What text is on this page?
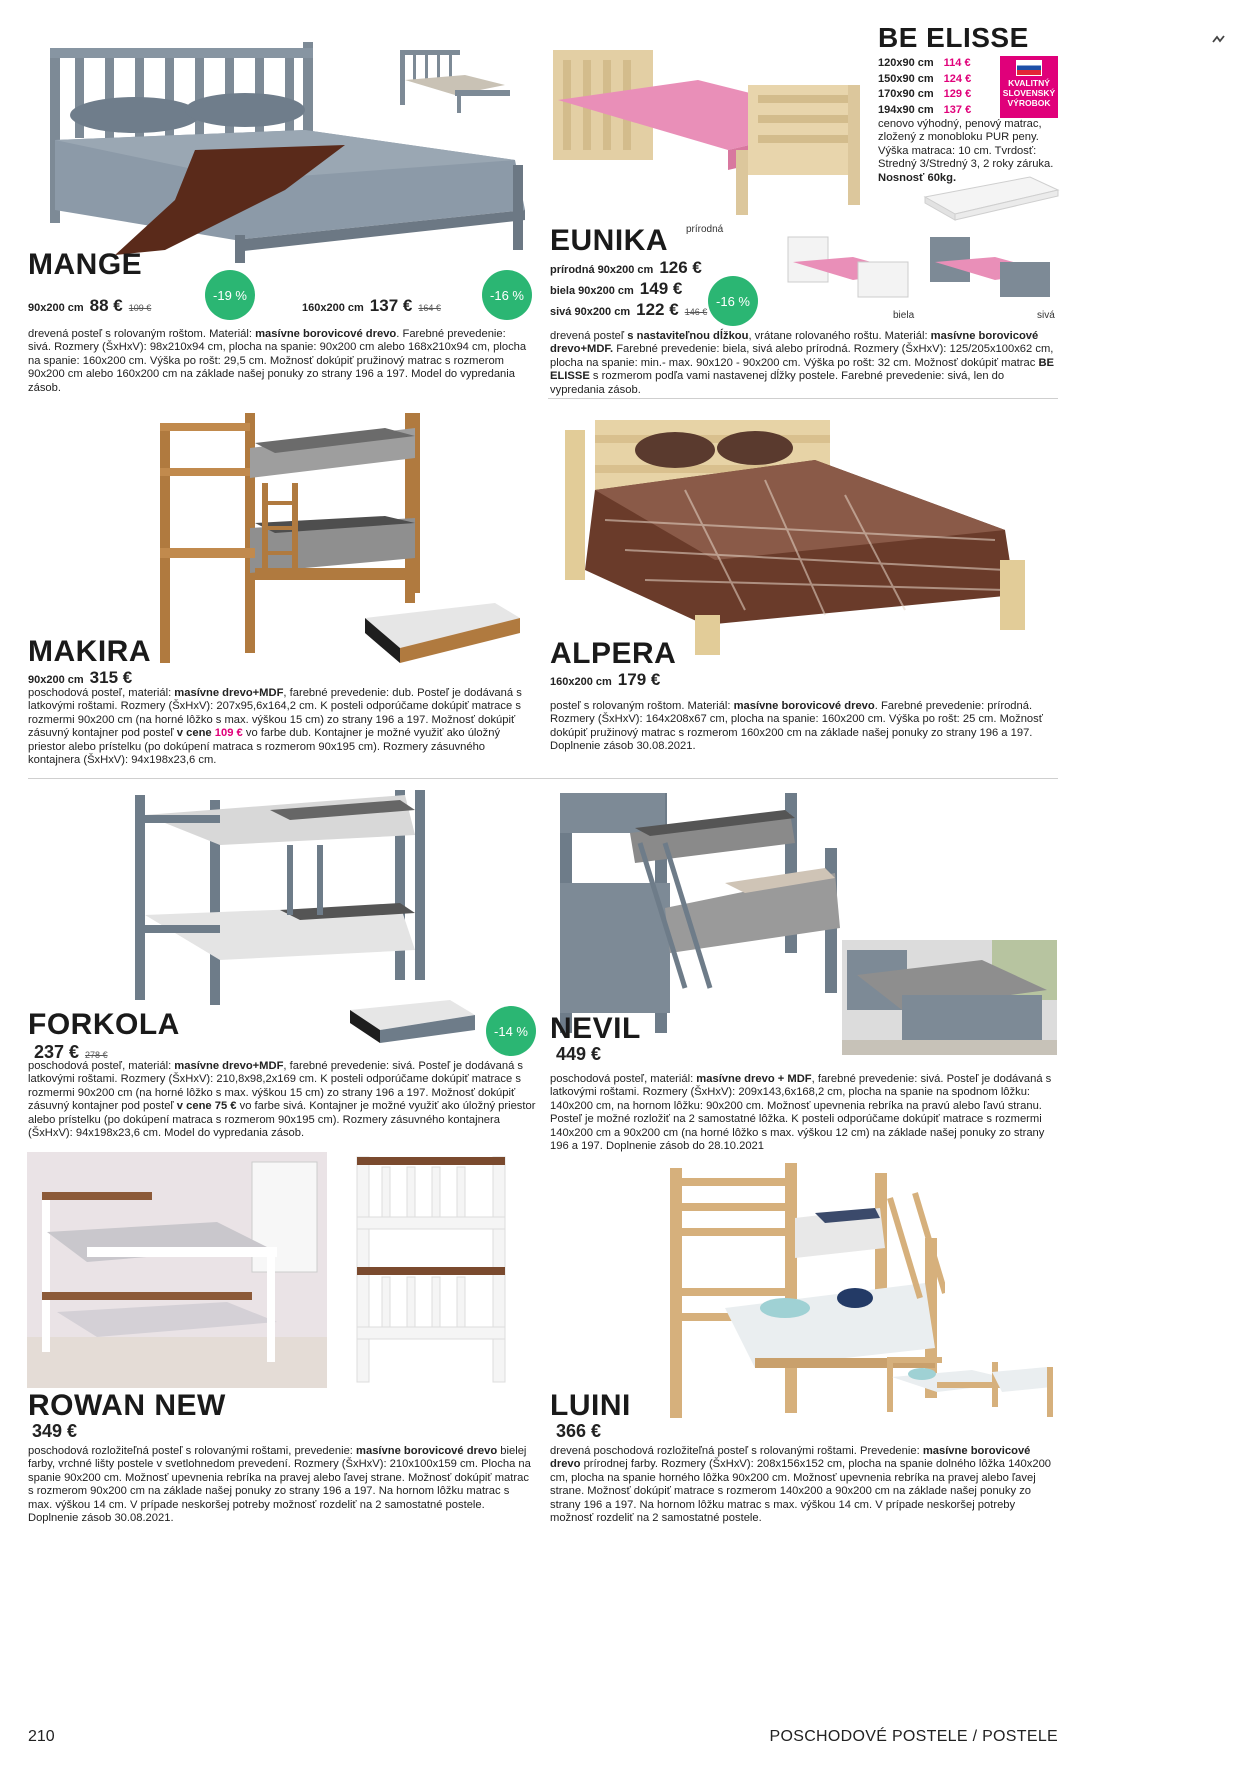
MANGE
-19 %	-16 %
90x200 cm 88 € 109 €	160x200 cm 137 € 164 €
drevená posteľ s rolovaným roštom. Materiál: masívne borovicové drevo. Farebné prevedenie: sivá. Rozmery (ŠxHxV): 98x210x94 cm, plocha na spanie: 90x200 cm alebo 168x210x94 cm, plocha na spanie: 160x200 cm. Výška po rošt: 29,5 cm. Možnosť dokúpiť pružinový matrac s rozmerom 90x200 cm alebo 160x200 cm na základe našej ponuky zo strany 196 a 197. Model do vypredania zásob.
BE ELISSE
120x90 cm 114 €
150x90 cm 124 €
170x90 cm 129 €
194x90 cm 137 €
KVALITNÝ
SLOVENSKÝ
VÝROBOK
cenovo výhodný, penový matrac, zložený z monobloku PUR peny. Výška matraca: 10 cm. Tvrdosť: Stredný 3/Stredný 3, 2 roky záruka. Nosnosť 60kg.
prírodná
EUNIKA
biela	sivá
prírodná 90x200 cm 126 €
biela 90x200 cm 149 €
sivá 90x200 cm 122 € 146 €
-16 %
drevená posteľ s nastaviteľnou dĺžkou, vrátane rolovaného roštu. Materiál: masívne borovicové drevo+MDF. Farebné prevedenie: biela, sivá alebo prírodná. Rozmery (ŠxHxV): 125/205x100x62 cm, plocha na spanie: min.- max. 90x120 - 90x200 cm. Výška po rošt: 32 cm. Možnosť dokúpiť matrac BE ELISSE s rozmerom podľa vami nastavenej dĺžky postele. Farebné prevedenie: sivá, len do vypredania zásob.
MAKIRA
90x200 cm 315 €
poschodová posteľ, materiál: masívne drevo+MDF, farebné prevedenie: dub. Posteľ je dodávaná s latkovými roštami. Rozmery (ŠxHxV): 207x95,6x164,2 cm. K posteli odporúčame dokúpiť matrace s rozmermi 90x200 cm (na horné lôžko s max. výškou 15 cm) zo strany 196 a 197. Možnosť dokúpiť zásuvný kontajner pod posteľ v cene 109 € vo farbe dub. Kontajner je možné využiť ako úložný priestor alebo prístelku (po dokúpení matraca s rozmerom 90x195 cm). Rozmery zásuvného kontajnera (ŠxHxV): 94x198x23,6 cm.
ALPERA
160x200 cm 179 €
posteľ s rolovaným roštom. Materiál: masívne borovicové drevo. Farebné prevedenie: prírodná. Rozmery (ŠxHxV): 164x208x67 cm, plocha na spanie: 160x200 cm. Výška po rošt: 25 cm. Možnosť dokúpiť pružinový matrac s rozmerom 160x200 cm na základe našej ponuky zo strany 196 a 197. Doplnenie zásob 30.08.2021.
FORKOLA	-14 %
237 € 278 €
poschodová posteľ, materiál: masívne drevo+MDF, farebné prevedenie: sivá. Posteľ je dodávaná s latkovými roštami. Rozmery (ŠxHxV): 210,8x98,2x169 cm. K posteli odporúčame dokúpiť matrace s rozmermi 90x200 cm (na horné lôžko s max. výškou 15 cm) zo strany 196 a 197. Možnosť dokúpiť zásuvný kontajner pod posteľ v cene 75 € vo farbe sivá. Kontajner je možné využiť ako úložný priestor alebo prístelku (po dokúpení matraca s rozmerom 90x195 cm). Rozmery zásuvného kontajnera (ŠxHxV): 94x198x23,6 cm. Model do vypredania zásob.
NEVIL
449 €
poschodová posteľ, materiál: masívne drevo + MDF, farebné prevedenie: sivá. Posteľ je dodávaná s latkovými roštami. Rozmery (ŠxHxV): 209x143,6x168,2 cm, plocha na spanie na spodnom lôžku: 140x200 cm, na hornom lôžku: 90x200 cm. Možnosť upevnenia rebríka na pravú alebo ľavú stranu. Posteľ je možné rozložiť na 2 samostatné lôžka. K posteli odporúčame dokúpiť matrace s rozmermi 140x200 cm a 90x200 cm (na horné lôžko s max. výškou 12 cm) na základe našej ponuky zo strany 196 a 197. Doplnenie zásob do 28.10.2021
ROWAN NEW
349 €
poschodová rozložiteľná posteľ s rolovanými roštami, prevedenie: masívne borovicové drevo bielej farby, vrchné lišty postele v svetlohnedom prevedení. Rozmery (ŠxHxV): 210x100x159 cm. Plocha na spanie 90x200 cm. Možnosť upevnenia rebríka na pravej alebo ľavej strane. Možnosť dokúpiť matrac s rozmerom 90x200 cm na základe našej ponuky zo strany 196 a 197. Na hornom lôžku matrac s max. výškou 14 cm. V prípade neskoršej potreby možnosť rozdeliť na 2 samostatné postele. Doplnenie zásob 30.08.2021.
LUINI
366 €
drevená poschodová rozložiteľná posteľ s rolovanými roštami. Prevedenie: masívne borovicové drevo prírodnej farby. Rozmery (ŠxHxV): 208x156x152 cm, plocha na spanie dolného lôžka 140x200 cm, plocha na spanie horného lôžka 90x200 cm. Možnosť upevnenia rebríka na pravej alebo ľavej strane. Možnosť dokúpiť matrace s rozmerom 140x200 a 90x200 cm na základe našej ponuky zo strany 196 a 197. Na hornom lôžku matrac s max. výškou 14 cm. V prípade neskoršej potreby možnosť rozdeliť na 2 samostatné postele.
210	POSCHODOVÉ POSTELE / POSTELE
